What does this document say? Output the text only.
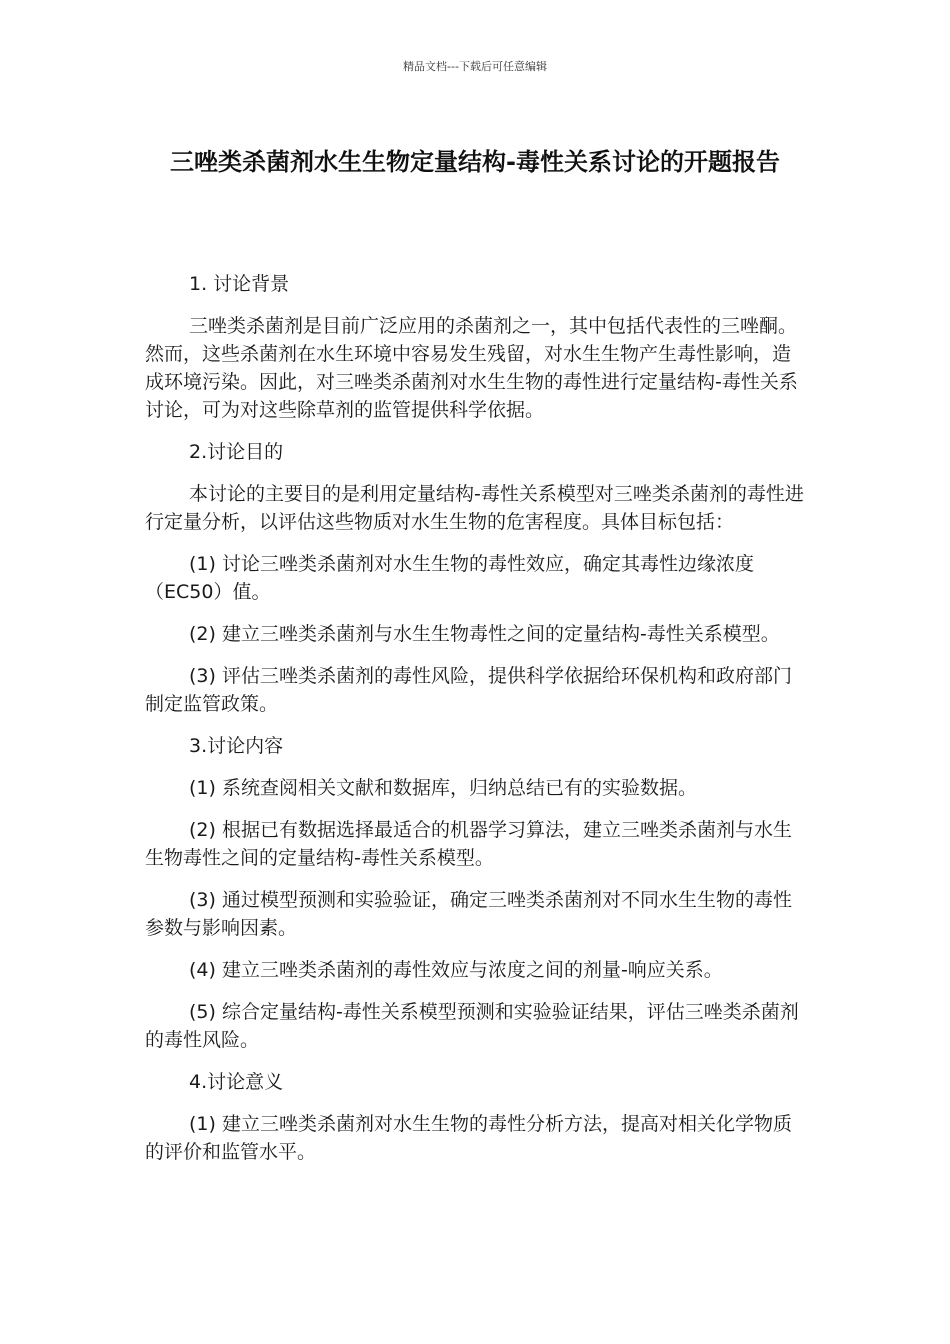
精品文档---下载后可任意编辑
三唑类杀菌剂水生生物定量结构-毒性关系讨论的开题报告

1. 讨论背景

三唑类杀菌剂是目前广泛应用的杀菌剂之一，其中包括代表性的三唑酮。然而，这些杀菌剂在水生环境中容易发生残留，对水生生物产生毒性影响，造成环境污染。因此，对三唑类杀菌剂对水生生物的毒性进行定量结构-毒性关系讨论，可为对这些除草剂的监管提供科学依据。

2.讨论目的

本讨论的主要目的是利用定量结构-毒性关系模型对三唑类杀菌剂的毒性进行定量分析，以评估这些物质对水生生物的危害程度。具体目标包括：

(1) 讨论三唑类杀菌剂对水生生物的毒性效应，确定其毒性边缘浓度（EC50）值。

(2) 建立三唑类杀菌剂与水生生物毒性之间的定量结构-毒性关系模型。

(3) 评估三唑类杀菌剂的毒性风险，提供科学依据给环保机构和政府部门制定监管政策。

3.讨论内容

(1) 系统查阅相关文献和数据库，归纳总结已有的实验数据。

(2) 根据已有数据选择最适合的机器学习算法，建立三唑类杀菌剂与水生生物毒性之间的定量结构-毒性关系模型。

(3) 通过模型预测和实验验证，确定三唑类杀菌剂对不同水生生物的毒性参数与影响因素。

(4) 建立三唑类杀菌剂的毒性效应与浓度之间的剂量-响应关系。

(5) 综合定量结构-毒性关系模型预测和实验验证结果，评估三唑类杀菌剂的毒性风险。

4.讨论意义

(1) 建立三唑类杀菌剂对水生生物的毒性分析方法，提高对相关化学物质的评价和监管水平。
